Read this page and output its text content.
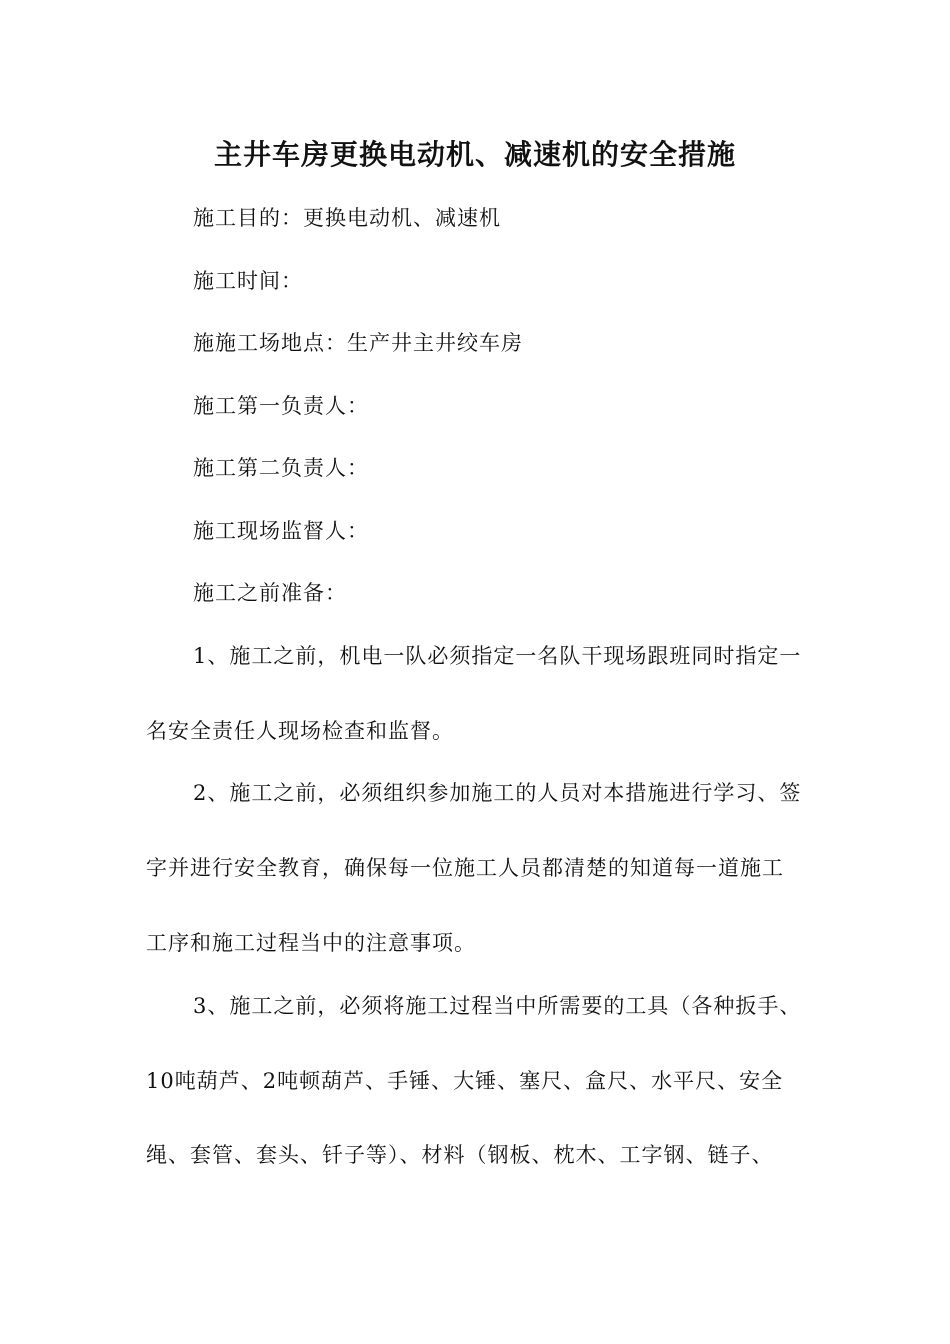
主井车房更换电动机、减速机的安全措施
施工目的：更换电动机、减速机
施工时间：
施施工场地点：生产井主井绞车房
施工第一负责人：
施工第二负责人：
施工现场监督人：
施工之前准备：
1、施工之前，机电一队必须指定一名队干现场跟班同时指定一
名安全责任人现场检查和监督。
2、施工之前，必须组织参加施工的人员对本措施进行学习、签
字并进行安全教育，确保每一位施工人员都清楚的知道每一道施工
工序和施工过程当中的注意事项。
3、施工之前，必须将施工过程当中所需要的工具（各种扳手、
10吨葫芦、2吨顿葫芦、手锤、大锤、塞尺、盒尺、水平尺、安全
绳、套管、套头、钎子等）、材料（钢板、枕木、工字钢、链子、
